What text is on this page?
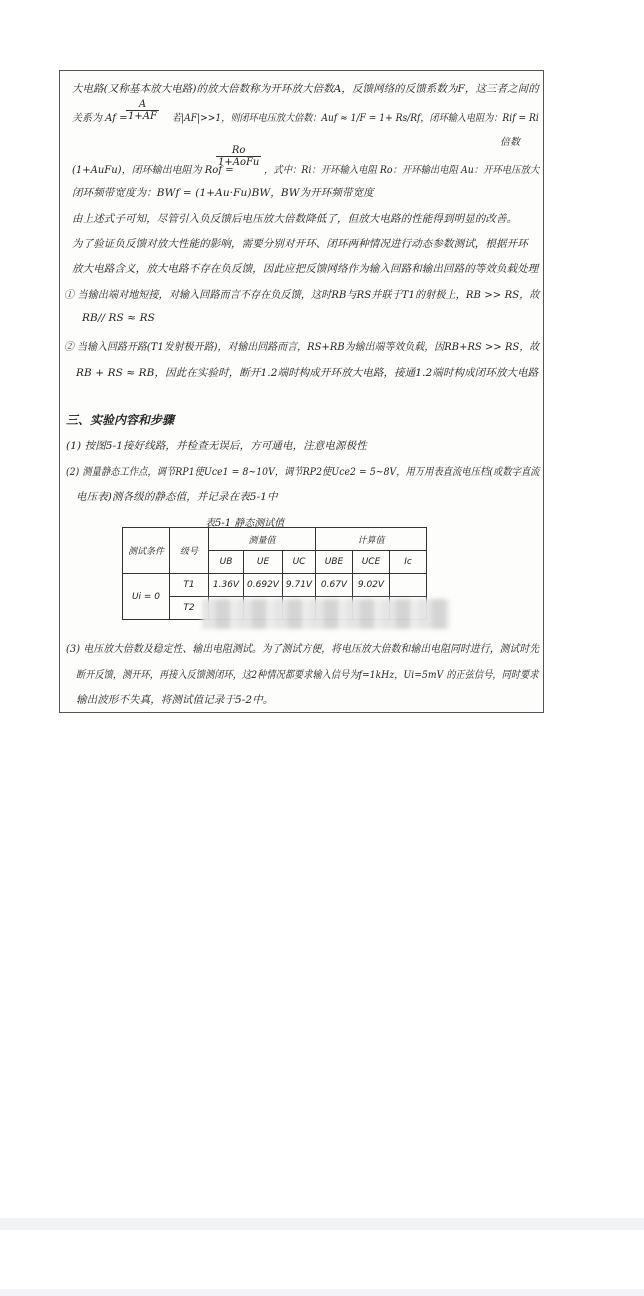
大电路(又称基本放大电路)的放大倍数称为开环放大倍数A，反馈网络的反馈系数为F，这三者之间的
关系为 Af =
$\frac{A}{1+AF}$ 若|AF|>>1，则闭环电压放大倍数：Auf ≈ 1/F = 1+ Rs/Rf，闭环输入电阻为：Rif = Ri
倍数
(1+AuFu)，闭环输出电阻为 Rof =
Ro
1+AoFu
，式中：Ri：开环输入电阻 Ro：开环输出电阻 Au：开环电压放大
闭环频带宽度为：BWf = (1+Au·Fu)BW，BW为开环频带宽度
由上述式子可知，尽管引入负反馈后电压放大倍数降低了，但放大电路的性能得到明显的改善。
为了验证负反馈对放大性能的影响，需要分别对开环、闭环两种情况进行动态参数测试，根据开环
放大电路含义，放大电路不存在负反馈，因此应把反馈网络作为输入回路和输出回路的等效负载处理
① 当输出端对地短接，对输入回路而言不存在负反馈，这时RB与RS并联于T1的射极上，RB >> RS，故
RB// RS ≈ RS
② 当输入回路开路(T1发射极开路)，对输出回路而言，RS+RB为输出端等效负载，因RB+RS >> RS，故
RB + RS ≈ RB，因此在实验时，断开1.2端时构成开环放大电路，接通1.2端时构成闭环放大电路
三、实验内容和步骤
(1) 按图5-1接好线路，并检查无误后，方可通电，注意电源极性
(2) 测量静态工作点，调节RP1使Uce1 = 8~10V，调节RP2使Uce2 = 5~8V，用万用表直流电压档(或数字直流
电压表)测各级的静态值，并记录在表5-1中
表5-1 静态测试值
测试条件	级号	测量值			计算值		
		UB	UE	UC	UBE	UCE	Ic
Ui = 0	T1	1.36V	0.692V	9.71V	0.67V	9.02V	
	T2						
(3) 电压放大倍数及稳定性、输出电阻测试。为了测试方便，将电压放大倍数和输出电阻同时进行，测试时先
断开反馈，测开环，再接入反馈测闭环，这2种情况都要求输入信号为f=1kHz，Ui=5mV 的正弦信号，同时要求
输出波形不失真，将测试值记录于5-2中。
